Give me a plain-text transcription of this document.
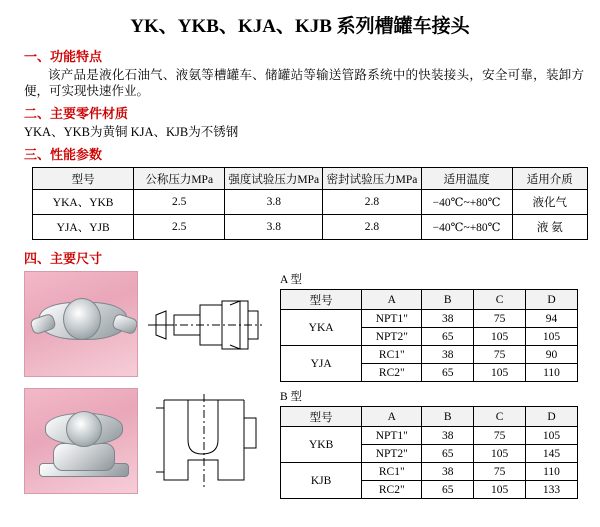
YK、YKB、KJA、KJB 系列槽罐车接头
一、功能特点
该产品是液化石油气、液氨等槽罐车、储罐站等输送管路系统中的快装接头，安全可靠，装卸方便，可实现快速作业。
二、主要零件材质
YKA、YKB为黄铜 KJA、KJB为不锈钢
三、性能参数
型号	公称压力MPa	强度试验压力MPa	密封试验压力MPa	适用温度	适用介质
YKA、YKB	2.5	3.8	2.8	−40℃~+80℃	液化气
YJA、YJB	2.5	3.8	2.8	−40℃~+80℃	液 氨
四、主要尺寸
A 型
型号	A	B	C	D
YKA	NPT1"	38	75	94
	NPT2"	65	105	105
YJA	RC1"	38	75	90
	RC2"	65	105	110
B 型
型号	A	B	C	D
YKB	NPT1"	38	75	105
	NPT2"	65	105	145
KJB	RC1"	38	75	110
	RC2"	65	105	133
